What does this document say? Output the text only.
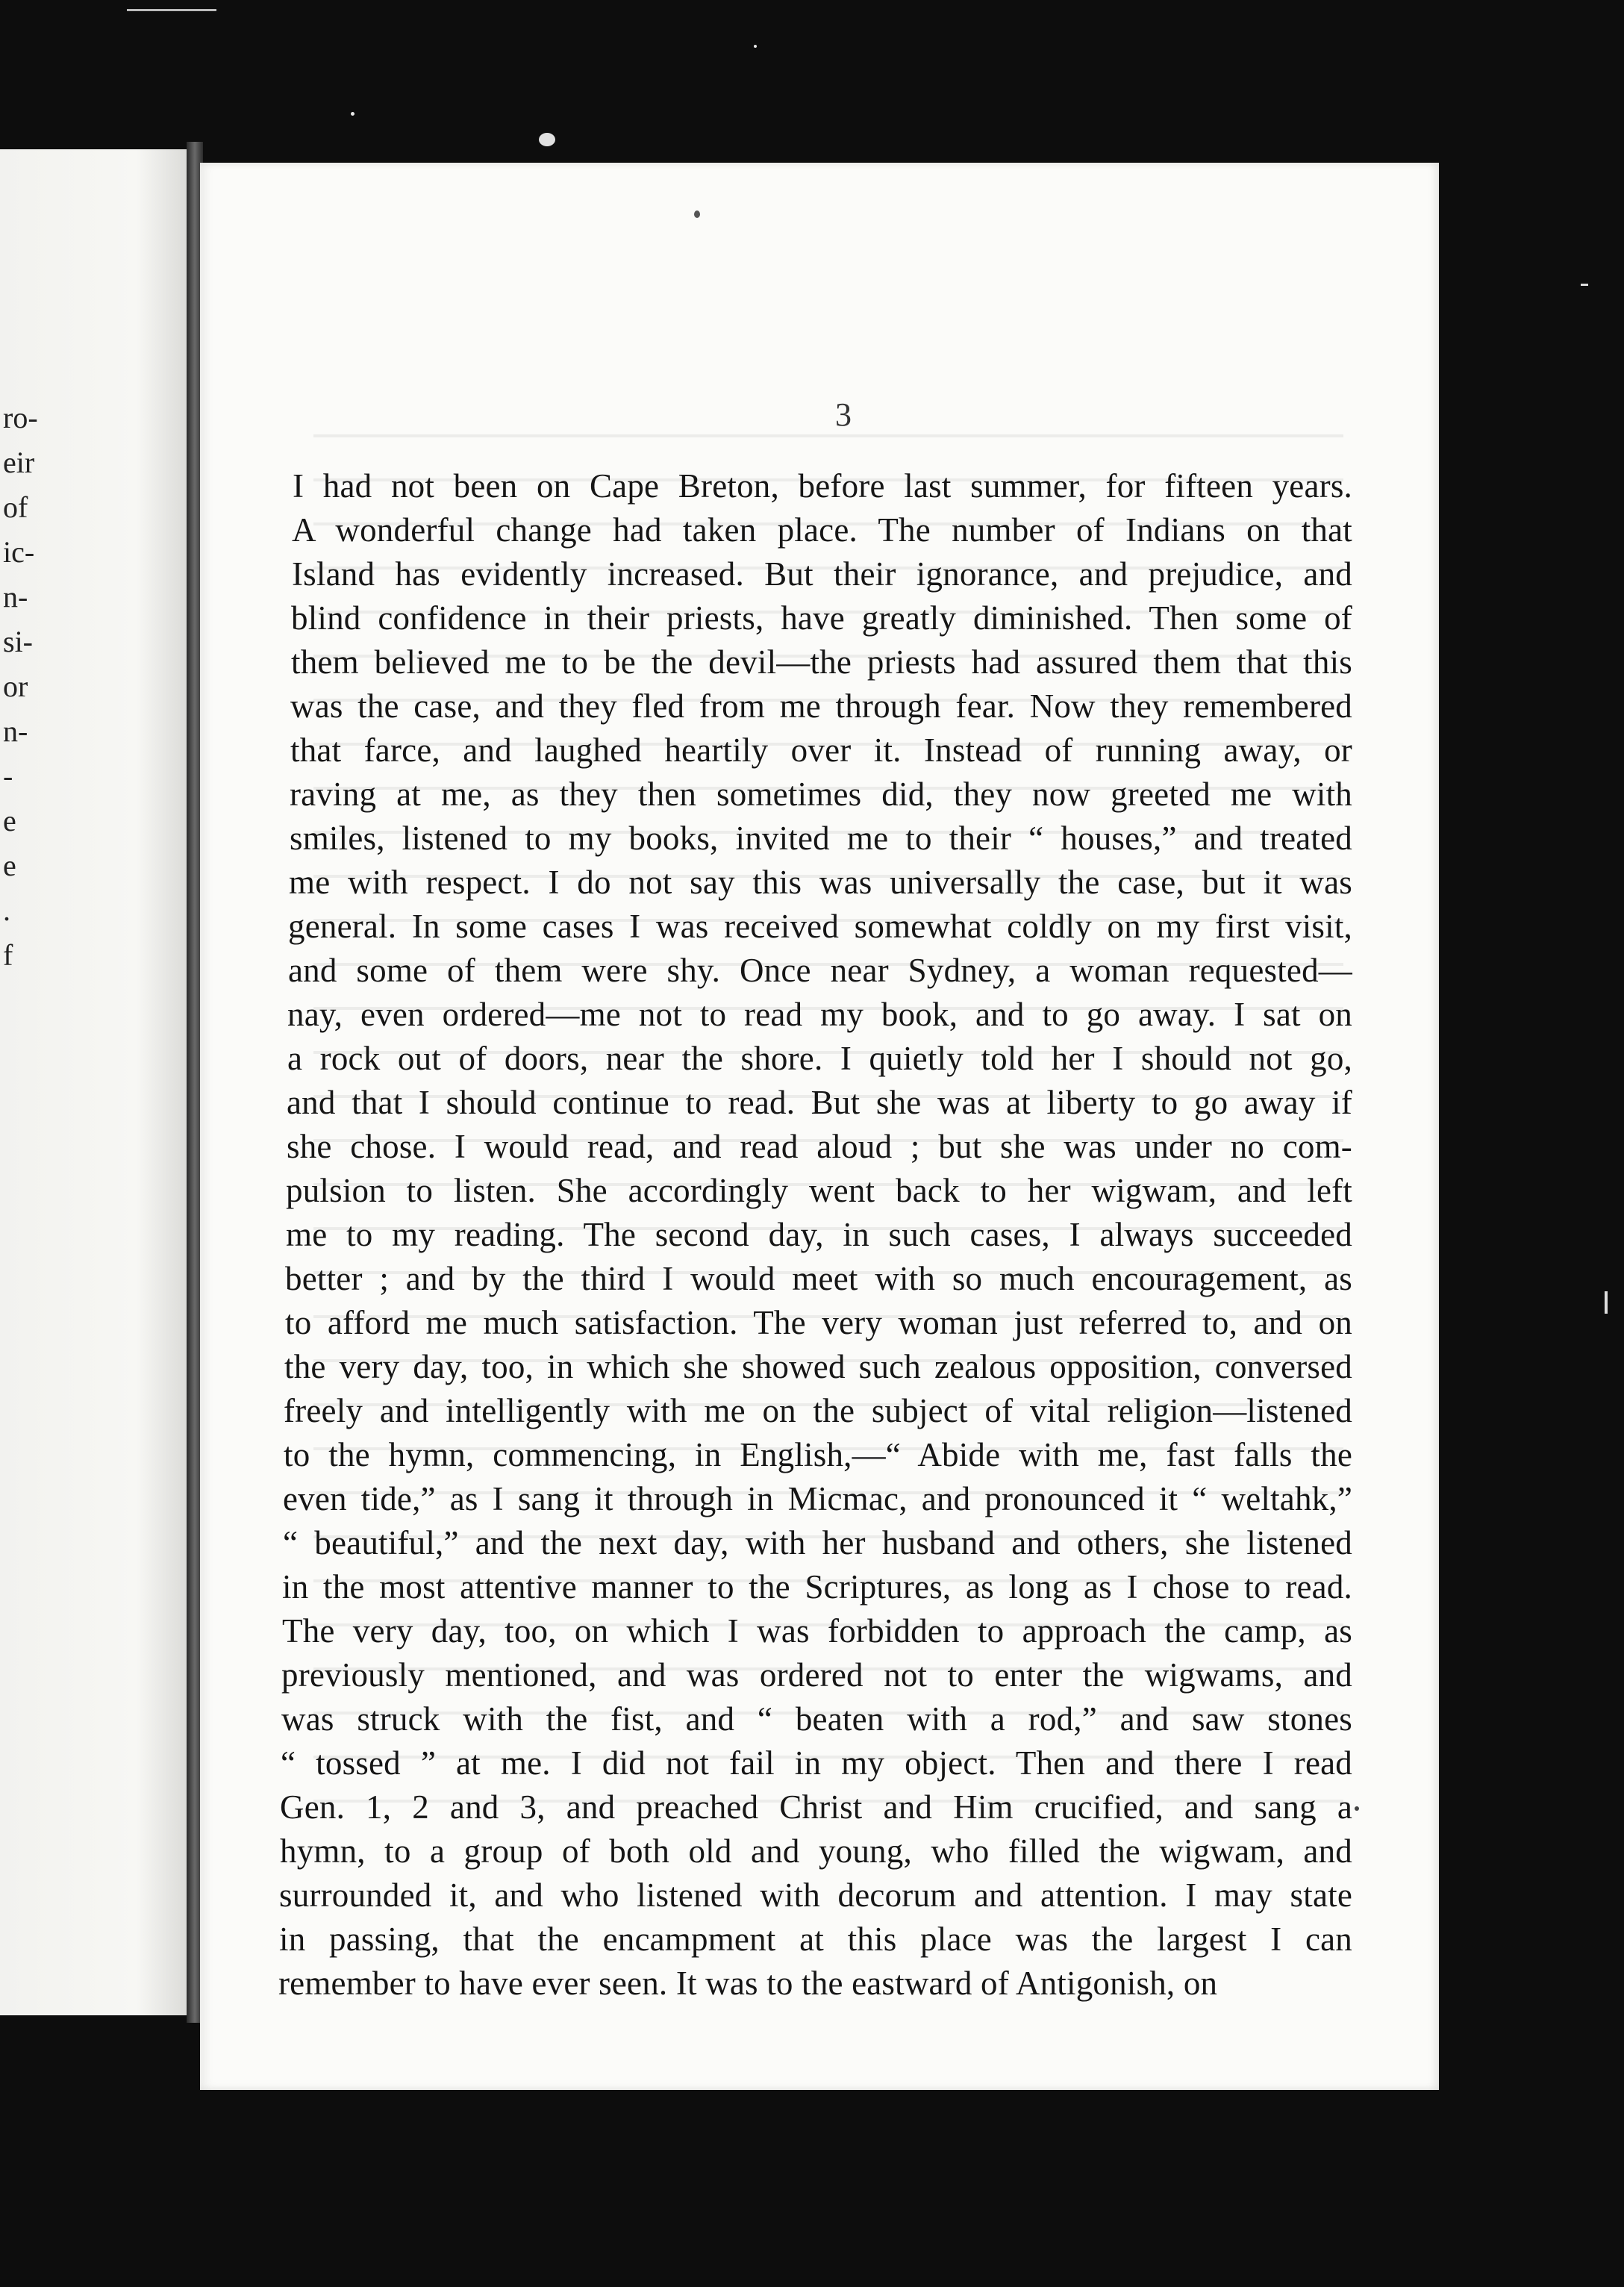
ro-
eir
of
ic-
n-
si-
or
n-
-
e
e
.
f
3
I had not been on Cape Breton, before last summer, for fifteen years.
A wonderful change had taken place. The number of Indians on that
Island has evidently increased. But their ignorance, and prejudice, and
blind confidence in their priests, have greatly diminished. Then some of
them believed me to be the devil—the priests had assured them that this
was the case, and they fled from me through fear. Now they remembered
that farce, and laughed heartily over it. Instead of running away, or
raving at me, as they then sometimes did, they now greeted me with
smiles, listened to my books, invited me to their “ houses,” and treated
me with respect. I do not say this was universally the case, but it was
general. In some cases I was received somewhat coldly on my first visit,
and some of them were shy. Once near Sydney, a woman requested—
nay, even ordered—me not to read my book, and to go away. I sat on
a rock out of doors, near the shore. I quietly told her I should not go,
and that I should continue to read. But she was at liberty to go away if
she chose. I would read, and read aloud ; but she was under no com-
pulsion to listen. She accordingly went back to her wigwam, and left
me to my reading. The second day, in such cases, I always succeeded
better ; and by the third I would meet with so much encouragement, as
to afford me much satisfaction. The very woman just referred to, and on
the very day, too, in which she showed such zealous opposition, conversed
freely and intelligently with me on the subject of vital religion—listened
to the hymn, commencing, in English,—“ Abide with me, fast falls the
even tide,” as I sang it through in Micmac, and pronounced it “ weltahk,”
“ beautiful,” and the next day, with her husband and others, she listened
in the most attentive manner to the Scriptures, as long as I chose to read.
The very day, too, on which I was forbidden to approach the camp, as
previously mentioned, and was ordered not to enter the wigwams, and
was struck with the fist, and “ beaten with a rod,” and saw stones
“ tossed ” at me. I did not fail in my object. Then and there I read
Gen. 1, 2 and 3, and preached Christ and Him crucified, and sang a
hymn, to a group of both old and young, who filled the wigwam, and
surrounded it, and who listened with decorum and attention. I may state
in passing, that the encampment at this place was the largest I can
remember to have ever seen. It was to the eastward of Antigonish, on
